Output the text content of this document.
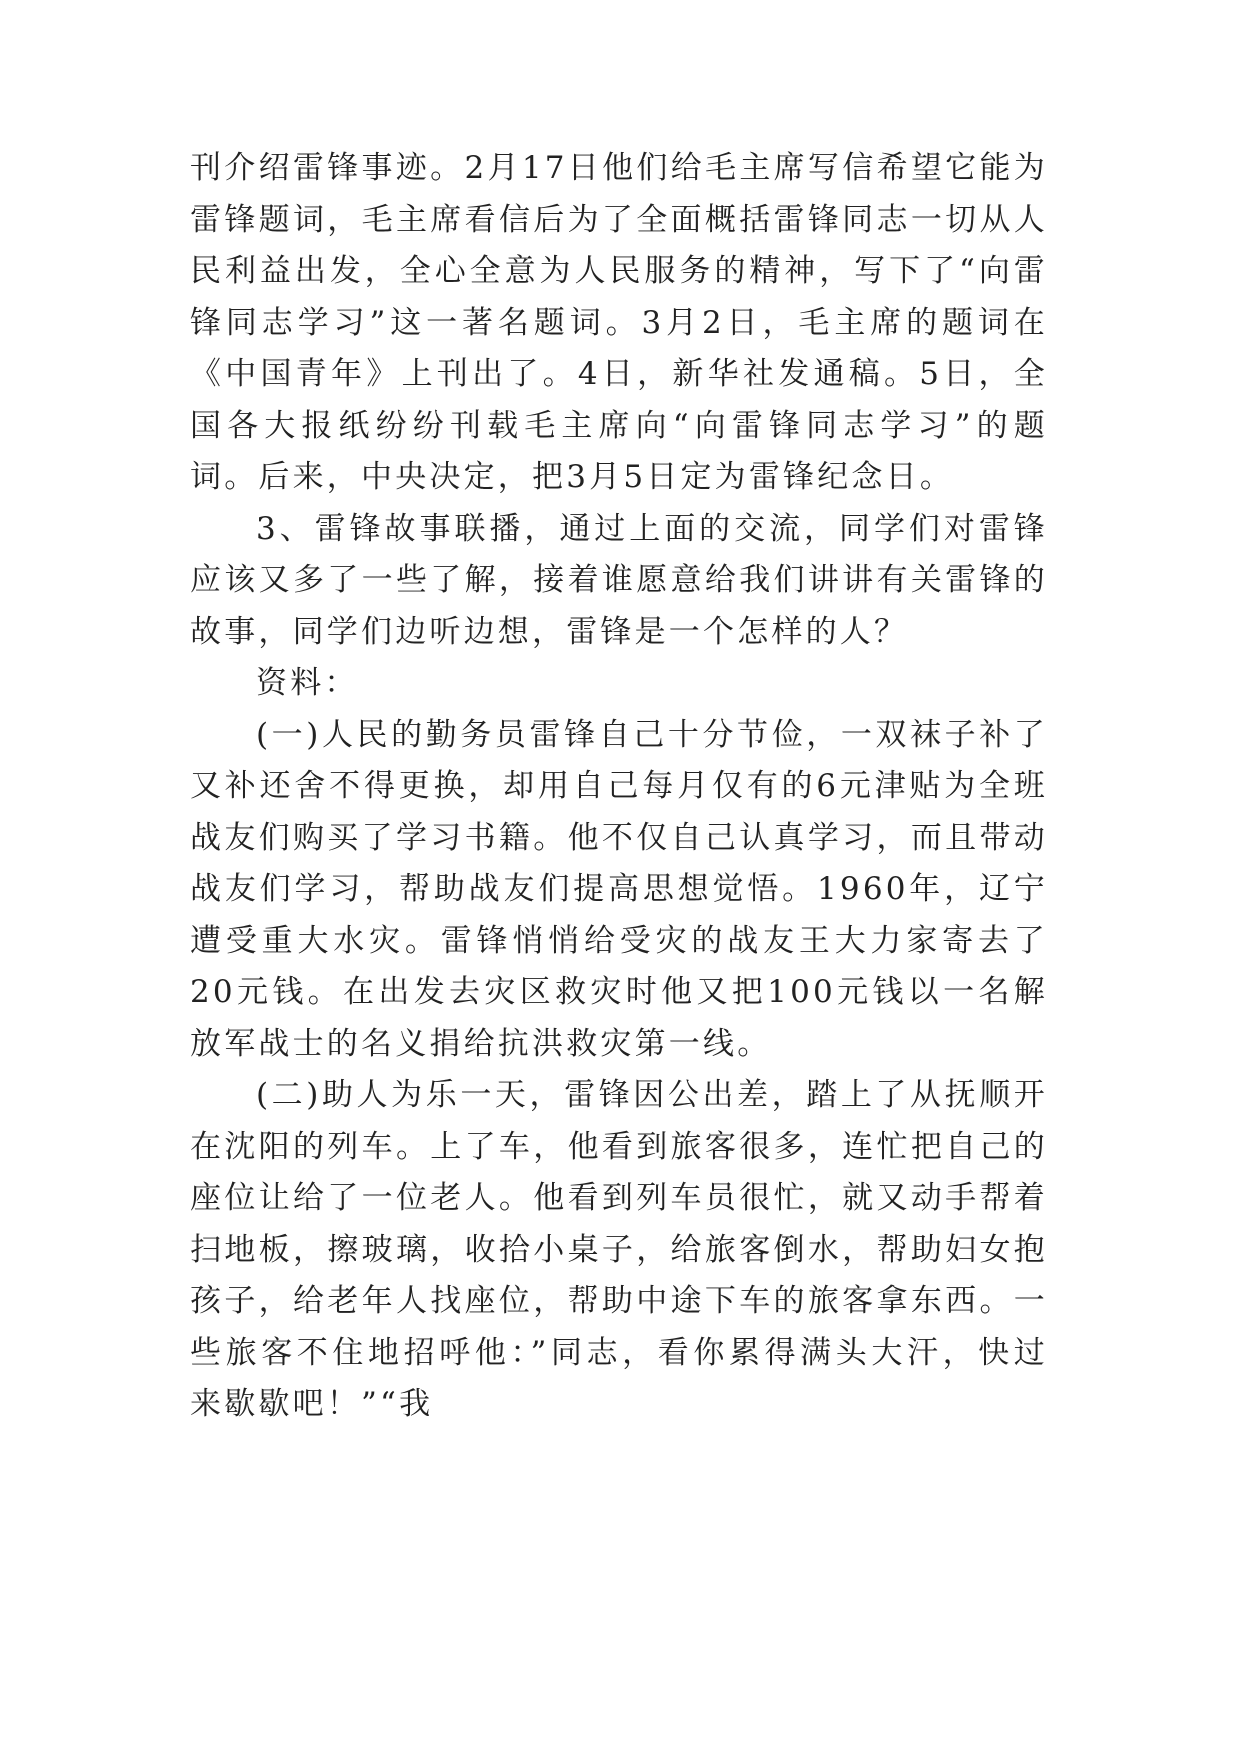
刊介绍雷锋事迹。2月17日他们给毛主席写信希望它能为雷锋题词，毛主席看信后为了全面概括雷锋同志一切从人民利益出发，全心全意为人民服务的精神，写下了“向雷锋同志学习”这一著名题词。3月2日，毛主席的题词在《中国青年》上刊出了。4日，新华社发通稿。5日，全国各大报纸纷纷刊载毛主席向“向雷锋同志学习”的题词。后来，中央决定，把3月5日定为雷锋纪念日。

3、雷锋故事联播，通过上面的交流，同学们对雷锋应该又多了一些了解，接着谁愿意给我们讲讲有关雷锋的故事，同学们边听边想，雷锋是一个怎样的人？

资料：

(一)人民的勤务员雷锋自己十分节俭，一双袜子补了又补还舍不得更换，却用自己每月仅有的6元津贴为全班战友们购买了学习书籍。他不仅自己认真学习，而且带动战友们学习，帮助战友们提高思想觉悟。1960年，辽宁遭受重大水灾。雷锋悄悄给受灾的战友王大力家寄去了20元钱。在出发去灾区救灾时他又把100元钱以一名解放军战士的名义捐给抗洪救灾第一线。

(二)助人为乐一天，雷锋因公出差，踏上了从抚顺开在沈阳的列车。上了车，他看到旅客很多，连忙把自己的座位让给了一位老人。他看到列车员很忙，就又动手帮着扫地板，擦玻璃，收拾小桌子，给旅客倒水，帮助妇女抱孩子，给老年人找座位，帮助中途下车的旅客拿东西。一些旅客不住地招呼他：”同志，看你累得满头大汗，快过来歇歇吧！”“我
